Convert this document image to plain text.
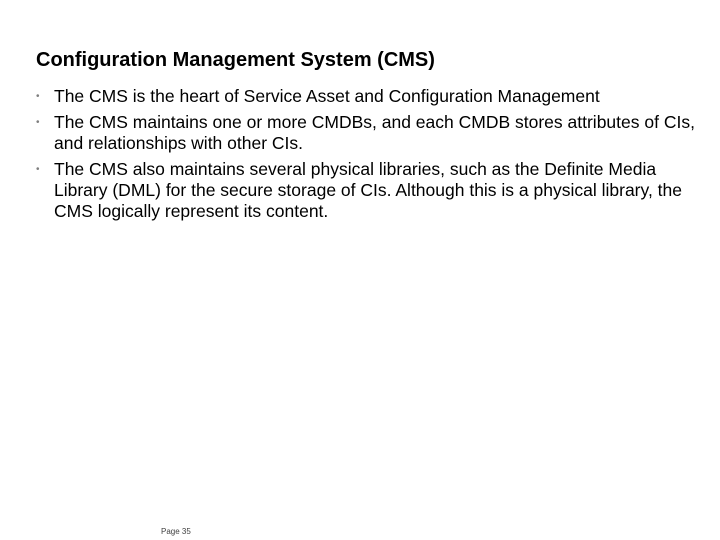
Configuration Management System (CMS)
• The CMS is the heart of Service Asset and Configuration Management
• The CMS maintains one or more CMDBs, and each CMDB stores attributes of CIs, and relationships with other CIs.
• The CMS also maintains several physical libraries, such as the Definite Media Library (DML) for the secure storage of CIs. Although this is a physical library, the CMS logically represent its content.
Page 35
